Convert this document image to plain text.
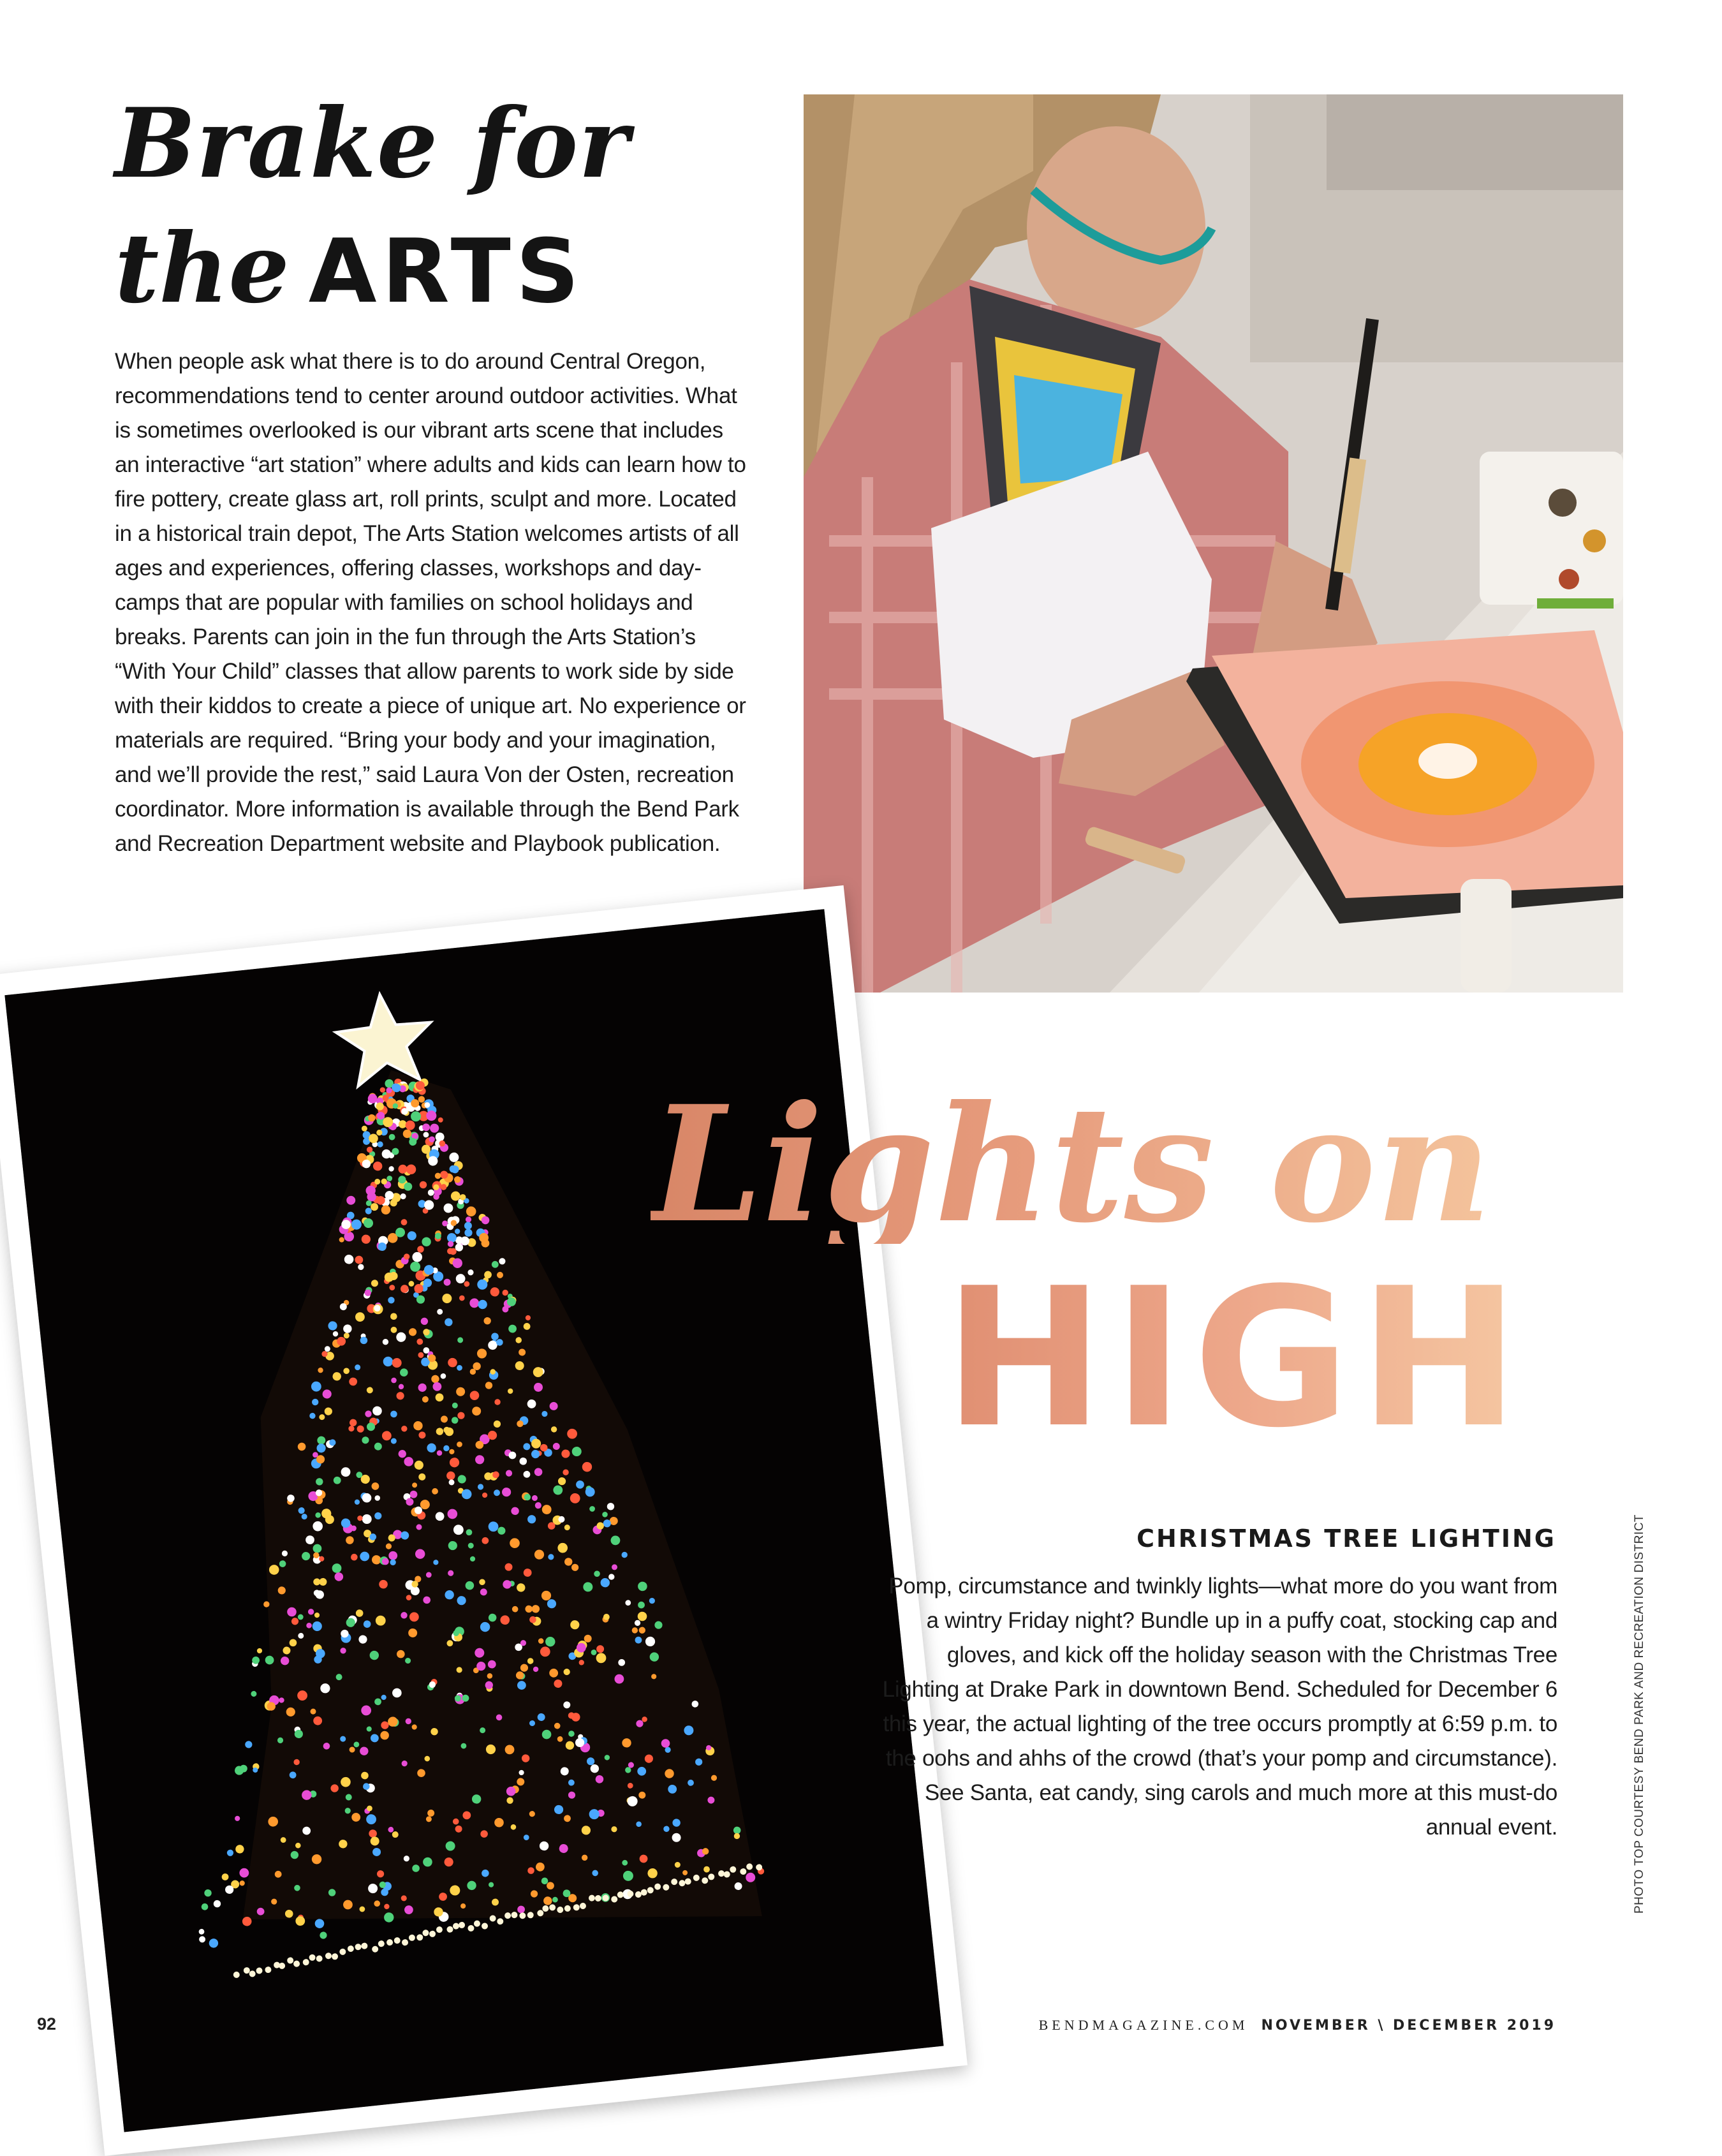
Brake for
the ARTS
When people ask what there is to do around Central Oregon, recommendations tend to center around outdoor activities. What is sometimes overlooked is our vibrant arts scene that includes an interactive “art station” where adults and kids can learn how to fire pottery, create glass art, roll prints, sculpt and more. Located in a historical train depot, The Arts Station welcomes artists of all ages and experiences, offering classes, workshops and day-camps that are popular with families on school holidays and breaks. Parents can join in the fun through the Arts Station’s “With Your Child” classes that allow parents to work side by side with their kiddos to create a piece of unique art. No experience or materials are required. “Bring your body and your imagination, and we’ll provide the rest,” said Laura Von der Osten, recreation coordinator. More information is available through the Bend Park and Recreation Department website and Playbook publication.
Lights on
HIGH
CHRISTMAS TREE LIGHTING
Pomp, circumstance and twinkly lights—what more do you want from a wintry Friday night? Bundle up in a puffy coat, stocking cap and gloves, and kick off the holiday season with the Christmas Tree Lighting at Drake Park in downtown Bend. Scheduled for December 6 this year, the actual lighting of the tree occurs promptly at 6:59 p.m. to the oohs and ahhs of the crowd (that’s your pomp and circumstance). See Santa, eat candy, sing carols and much more at this must-do annual event.	PHOTO TOP COURTESY BEND PARK AND RECREATION DISTRICT
92	BENDMAGAZINE.COM NOVEMBER \ DECEMBER 2019
